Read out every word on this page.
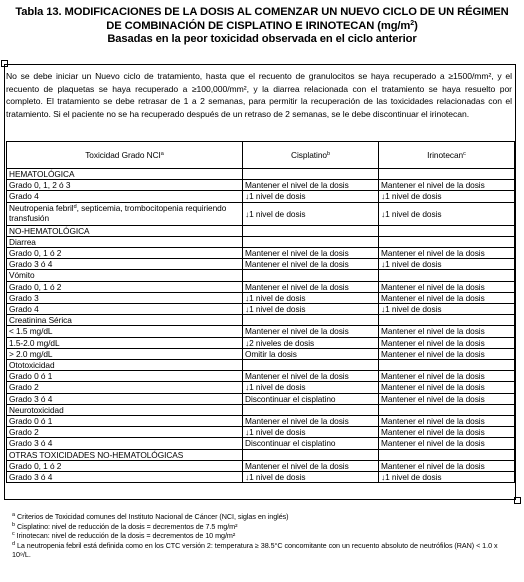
Tabla 13. MODIFICACIONES DE LA DOSIS AL COMENZAR UN NUEVO CICLO DE UN RÉGIMEN
DE COMBINACIÓN DE CISPLATINO E IRINOTECAN $(mg/m^2)$
Basadas en la peor toxicidad observada en el ciclo anterior
No se debe iniciar un Nuevo ciclo de tratamiento, hasta que el recuento de granulocitos se haya recuperado a ≥1500/mm², y el recuento de plaquetas se haya recuperado a ≥100,000/mm², y la diarrea relacionada con el tratamiento se haya resuelto por completo. El tratamiento se debe retrasar de 1 a 2 semanas, para permitir la recuperación de las toxicidades relacionadas con el tratamiento. Si el paciente no se ha recuperado después de un retraso de 2 semanas, se le debe discontinuar el irinotecan.
Toxicidad Grado NCI$^a$	Cisplatino$^b$	Irinotecan$^c$
HEMATOLÓGICA		
Grado 0, 1, 2 ó 3	Mantener el nivel de la dosis	Mantener el nivel de la dosis
Grado 4	↓1 nivel de dosis	↓1 nivel de dosis
Neutropenia febril$^d$, septicemia, trombocitopenia requiriendo transfusión	↓1 nivel de dosis	↓1 nivel de dosis
NO-HEMATOLÓGICA		
Diarrea		
Grado 0, 1 ó 2	Mantener el nivel de la dosis	Mantener el nivel de la dosis
Grado 3 ó 4	Mantener el nivel de la dosis	↓1 nivel de dosis
Vómito		
Grado 0, 1 ó 2	Mantener el nivel de la dosis	Mantener el nivel de la dosis
Grado 3	↓1 nivel de dosis	Mantener el nivel de la dosis
Grado 4	↓1 nivel de dosis	↓1 nivel de dosis
Creatinina Sérica		
< 1.5 mg/dL	Mantener el nivel de la dosis	Mantener el nivel de la dosis
1.5-2.0 mg/dL	↓2 niveles de dosis	Mantener el nivel de la dosis
> 2.0 mg/dL	Omitir la dosis	Mantener el nivel de la dosis
Ototoxicidad		
Grado 0 ó 1	Mantener el nivel de la dosis	Mantener el nivel de la dosis
Grado 2	↓1 nivel de dosis	Mantener el nivel de la dosis
Grado 3 ó 4	Discontinuar el cisplatino	Mantener el nivel de la dosis
Neurotoxicidad		
Grado 0 ó 1	Mantener el nivel de la dosis	Mantener el nivel de la dosis
Grado 2	↓1 nivel de dosis	Mantener el nivel de la dosis
Grado 3 ó 4	Discontinuar el cisplatino	Mantener el nivel de la dosis
OTRAS TOXICIDADES NO-HEMATOLÓGICAS		
Grado 0, 1 ó 2	Mantener el nivel de la dosis	Mantener el nivel de la dosis
Grado 3 ó 4	↓1 nivel de dosis	↓1 nivel de dosis
$^a$ Criterios de Toxicidad comunes del Instituto Nacional de Cáncer (NCI, siglas en inglés)
$^b$ Cisplatino: nivel de reducción de la dosis = decrementos de 7.5 mg/m²
$^c$ Irinotecan: nivel de reducción de la dosis = decrementos de 10 mg/m²
$^d$ La neutropenia febril está definida como en los CTC versión 2: temperatura ≥ 38.5°C concomitante con un recuento absoluto de neutrófilos (RAN) < 1.0 x 10⁹/L.
